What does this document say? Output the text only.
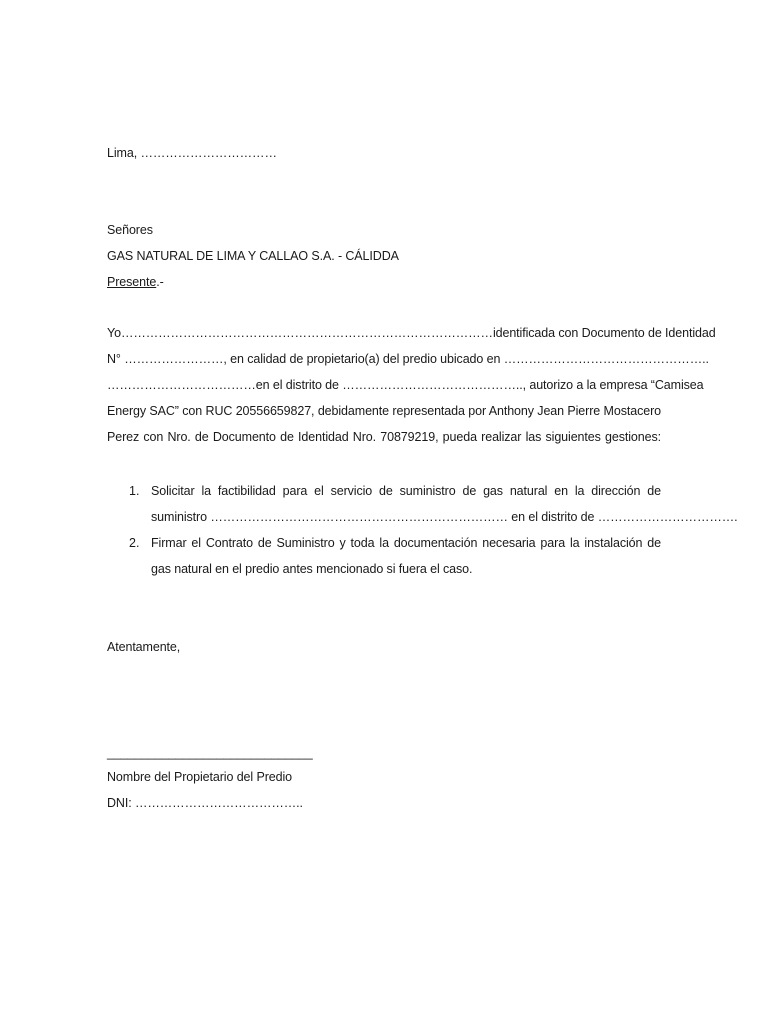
Lima, ……………………………
Señores
GAS NATURAL DE LIMA Y CALLAO S.A. - CÁLIDDA
Presente.-
Yo………………………………………………………………………………identificada con Documento de Identidad
N° ……………………, en calidad de propietario(a) del predio ubicado en …………………………………………..
………………………………en el distrito de …………………………………….., autorizo a la empresa “Camisea
Energy SAC” con RUC 20556659827, debidamente representada por Anthony Jean Pierre Mostacero
Perez con Nro. de Documento de Identidad Nro. 70879219, pueda realizar las siguientes gestiones:
1. Solicitar la factibilidad para el servicio de suministro de gas natural en la dirección de
suministro ……………………………………………………………… en el distrito de …………………………….
2. Firmar el Contrato de Suministro y toda la documentación necesaria para la instalación de
gas natural en el predio antes mencionado si fuera el caso.
Atentamente,
______________________________
Nombre del Propietario del Predio
DNI: …………………………………..
